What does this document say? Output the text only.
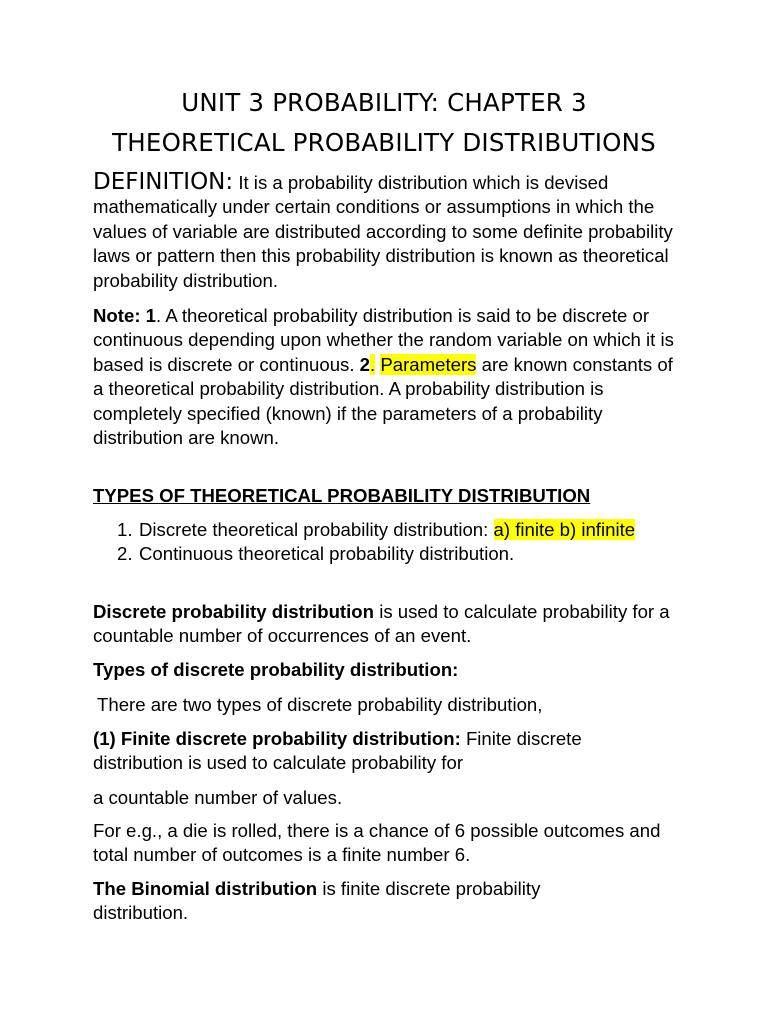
UNIT 3 PROBABILITY: CHAPTER 3
THEORETICAL PROBABILITY DISTRIBUTIONS
DEFINITION: It is a probability distribution which is devised mathematically under certain conditions or assumptions in which the values of variable are distributed according to some definite probability laws or pattern then this probability distribution is known as theoretical probability distribution.
Note: 1. A theoretical probability distribution is said to be discrete or continuous depending upon whether the random variable on which it is based is discrete or continuous. 2. Parameters are known constants of a theoretical probability distribution. A probability distribution is completely specified (known) if the parameters of a probability distribution are known.
TYPES OF THEORETICAL PROBABILITY DISTRIBUTION
1. Discrete theoretical probability distribution: a) finite b) infinite
2. Continuous theoretical probability distribution.
Discrete probability distribution is used to calculate probability for a countable number of occurrences of an event.
Types of discrete probability distribution:
There are two types of discrete probability distribution,
(1) Finite discrete probability distribution: Finite discrete distribution is used to calculate probability for
a countable number of values.
For e.g., a die is rolled, there is a chance of 6 possible outcomes and total number of outcomes is a finite number 6.
The Binomial distribution is finite discrete probability distribution.
